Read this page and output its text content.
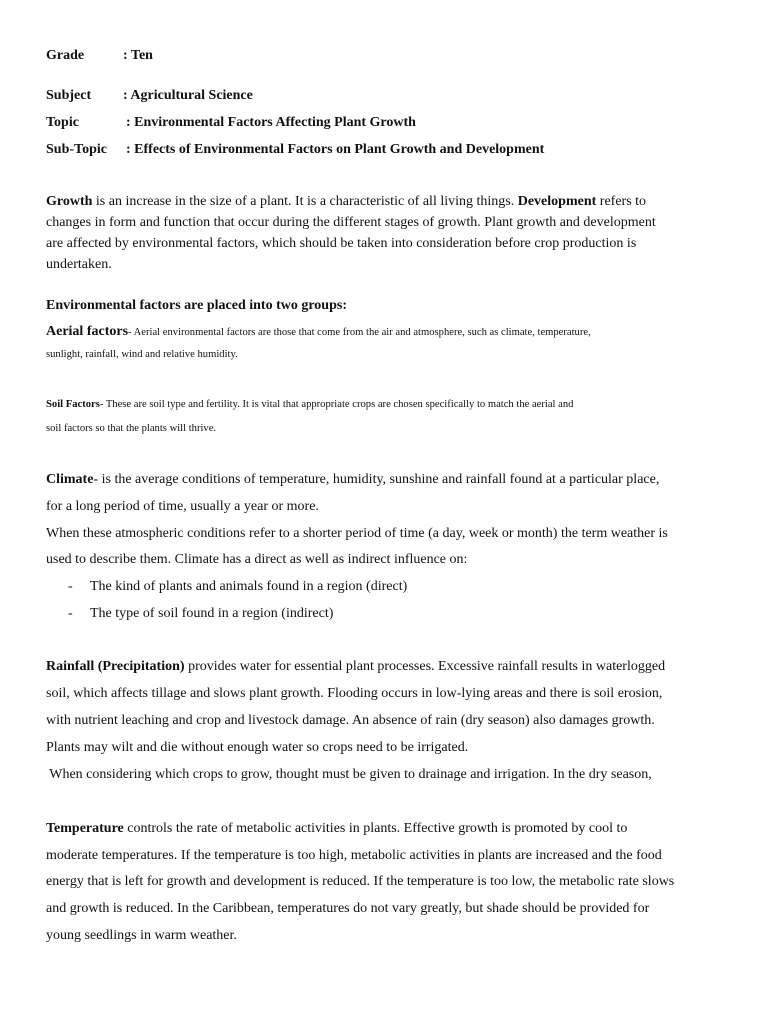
Grade	: Ten
Subject : Agricultural Science
Topic	: Environmental Factors Affecting Plant Growth
Sub-Topic : Effects of Environmental Factors on Plant Growth and Development
Growth is an increase in the size of a plant. It is a characteristic of all living things. Development refers to
changes in form and function that occur during the different stages of growth. Plant growth and development
are affected by environmental factors, which should be taken into consideration before crop production is
undertaken.
Environmental factors are placed into two groups:
Aerial factors- Aerial environmental factors are those that come from the air and atmosphere, such as climate, temperature,
sunlight, rainfall, wind and relative humidity.
Soil Factors- These are soil type and fertility. It is vital that appropriate crops are chosen specifically to match the aerial and
soil factors so that the plants will thrive.
Climate- is the average conditions of temperature, humidity, sunshine and rainfall found at a particular place,
for a long period of time, usually a year or more.
When these atmospheric conditions refer to a shorter period of time (a day, week or month) the term weather is
used to describe them. Climate has a direct as well as indirect influence on:
- The kind of plants and animals found in a region (direct)
- The type of soil found in a region (indirect)
Rainfall (Precipitation) provides water for essential plant processes. Excessive rainfall results in waterlogged
soil, which affects tillage and slows plant growth. Flooding occurs in low-lying areas and there is soil erosion,
with nutrient leaching and crop and livestock damage. An absence of rain (dry season) also damages growth.
Plants may wilt and die without enough water so crops need to be irrigated.
When considering which crops to grow, thought must be given to drainage and irrigation. In the dry season,
Temperature controls the rate of metabolic activities in plants. Effective growth is promoted by cool to
moderate temperatures. If the temperature is too high, metabolic activities in plants are increased and the food
energy that is left for growth and development is reduced. If the temperature is too low, the metabolic rate slows
and growth is reduced. In the Caribbean, temperatures do not vary greatly, but shade should be provided for
young seedlings in warm weather.
